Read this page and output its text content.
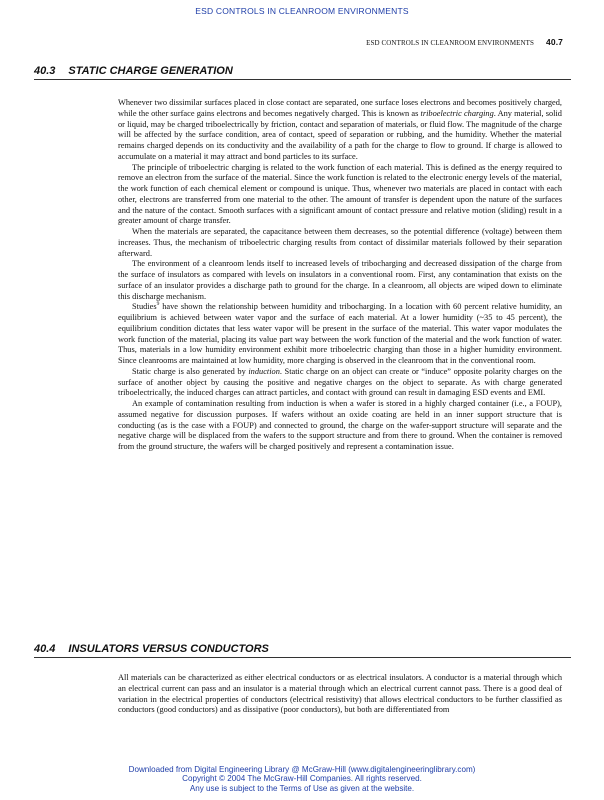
ESD CONTROLS IN CLEANROOM ENVIRONMENTS
ESD CONTROLS IN CLEANROOM ENVIRONMENTS 40.7
40.3 STATIC CHARGE GENERATION

Whenever two dissimilar surfaces placed in close contact are separated, one surface loses electrons and becomes positively charged, while the other surface gains electrons and becomes negatively charged. This is known as triboelectric charging. Any material, solid or liquid, may be charged triboelectrically by friction, contact and separation of materials, or fluid flow. The magnitude of the charge will be affected by the surface condition, area of contact, speed of separation or rubbing, and the humidity. Whether the material remains charged depends on its conductivity and the availability of a path for the charge to flow to ground. If charge is allowed to accumulate on a material it may attract and bond particles to its surface.

The principle of triboelectric charging is related to the work function of each material. This is defined as the energy required to remove an electron from the surface of the material. Since the work function is related to the electronic energy levels of the material, the work function of each chemical element or compound is unique. Thus, whenever two materials are placed in contact with each other, electrons are transferred from one material to the other. The amount of transfer is dependent upon the nature of the surfaces and the nature of the contact. Smooth surfaces with a significant amount of contact pressure and relative motion (sliding) result in a greater amount of charge transfer.

When the materials are separated, the capacitance between them decreases, so the potential difference (voltage) between them increases. Thus, the mechanism of triboelectric charging results from contact of dissimilar materials followed by their separation afterward.

The environment of a cleanroom lends itself to increased levels of tribocharging and decreased dissipation of the charge from the surface of insulators as compared with levels on insulators in a conventional room. First, any contamination that exists on the surface of an insulator provides a discharge path to ground for the charge. In a cleanroom, all objects are wiped down to eliminate this discharge mechanism.

Studies$^9$ have shown the relationship between humidity and tribocharging. In a location with 60 percent relative humidity, an equilibrium is achieved between water vapor and the surface of each material. At a lower humidity (~35 to 45 percent), the equilibrium condition dictates that less water vapor will be present in the surface of the material. This water vapor modulates the work function of the material, placing its value part way between the work function of the material and the work function of water. Thus, materials in a low humidity environment exhibit more triboelectric charging than those in a higher humidity environment. Since cleanrooms are maintained at low humidity, more charging is observed in the cleanroom that in the conventional room.

Static charge is also generated by induction. Static charge on an object can create or “induce” opposite polarity charges on the surface of another object by causing the positive and negative charges on the object to separate. As with charge generated triboelectrically, the induced charges can attract particles, and contact with ground can result in damaging ESD events and EMI.

An example of contamination resulting from induction is when a wafer is stored in a highly charged container (i.e., a FOUP), assumed negative for discussion purposes. If wafers without an oxide coating are held in an inner support structure that is conducting (as is the case with a FOUP) and connected to ground, the charge on the wafer-support structure will separate and the negative charge will be displaced from the wafers to the support structure and from there to ground. When the container is removed from the ground structure, the wafers will be charged positively and represent a contamination issue.

40.4 INSULATORS VERSUS CONDUCTORS

All materials can be characterized as either electrical conductors or as electrical insulators. A conductor is a material through which an electrical current can pass and an insulator is a material through which an electrical current cannot pass. There is a good deal of variation in the electrical properties of conductors (electrical resistivity) that allows electrical conductors to be further classified as conductors (good conductors) and as dissipative (poor conductors), but both are differentiated from

Downloaded from Digital Engineering Library @ McGraw-Hill (www.digitalengineeringlibrary.com)
Copyright © 2004 The McGraw-Hill Companies. All rights reserved.
Any use is subject to the Terms of Use as given at the website.
